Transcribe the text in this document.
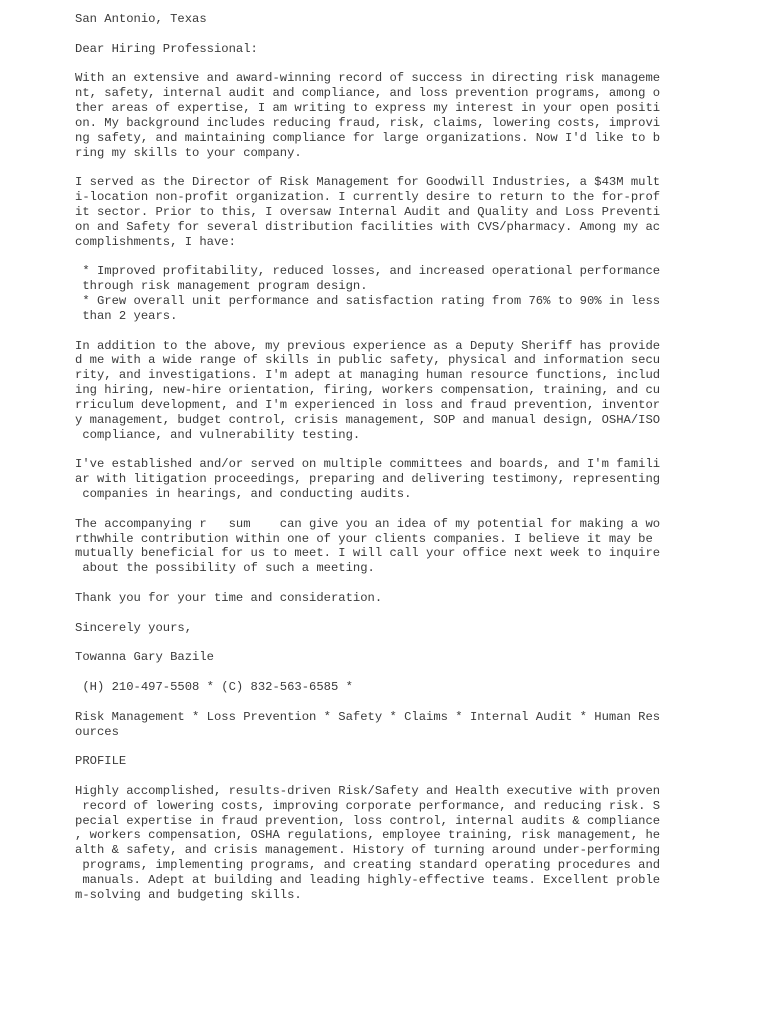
San Antonio, Texas
Dear Hiring Professional:
With an extensive and award-winning record of success in directing risk manageme
nt, safety, internal audit and compliance, and loss prevention programs, among o
ther areas of expertise, I am writing to express my interest in your open positi
on. My background includes reducing fraud, risk, claims, lowering costs, improvi
ng safety, and maintaining compliance for large organizations. Now I'd like to b
ring my skills to your company.
I served as the Director of Risk Management for Goodwill Industries, a $43M mult
i-location non-profit organization. I currently desire to return to the for-prof
it sector. Prior to this, I oversaw Internal Audit and Quality and Loss Preventi
on and Safety for several distribution facilities with CVS/pharmacy. Among my ac
complishments, I have:
* Improved profitability, reduced losses, and increased operational performance
through risk management program design.
* Grew overall unit performance and satisfaction rating from 76% to 90% in less
than 2 years.
In addition to the above, my previous experience as a Deputy Sheriff has provide
d me with a wide range of skills in public safety, physical and information secu
rity, and investigations. I'm adept at managing human resource functions, includ
ing hiring, new-hire orientation, firing, workers compensation, training, and cu
rriculum development, and I'm experienced in loss and fraud prevention, inventor
y management, budget control, crisis management, SOP and manual design, OSHA/ISO
compliance, and vulnerability testing.
I've established and/or served on multiple committees and boards, and I'm famili
ar with litigation proceedings, preparing and delivering testimony, representing
companies in hearings, and conducting audits.
The accompanying r   sum    can give you an idea of my potential for making a wo
rthwhile contribution within one of your clients companies. I believe it may be
mutually beneficial for us to meet. I will call your office next week to inquire
about the possibility of such a meeting.
Thank you for your time and consideration.
Sincerely yours,
Towanna Gary Bazile
(H) 210-497-5508 * (C) 832-563-6585 *
Risk Management * Loss Prevention * Safety * Claims * Internal Audit * Human Res
ources
PROFILE
Highly accomplished, results-driven Risk/Safety and Health executive with proven
record of lowering costs, improving corporate performance, and reducing risk. S
pecial expertise in fraud prevention, loss control, internal audits & compliance
, workers compensation, OSHA regulations, employee training, risk management, he
alth & safety, and crisis management. History of turning around under-performing
programs, implementing programs, and creating standard operating procedures and
manuals. Adept at building and leading highly-effective teams. Excellent proble
m-solving and budgeting skills.
